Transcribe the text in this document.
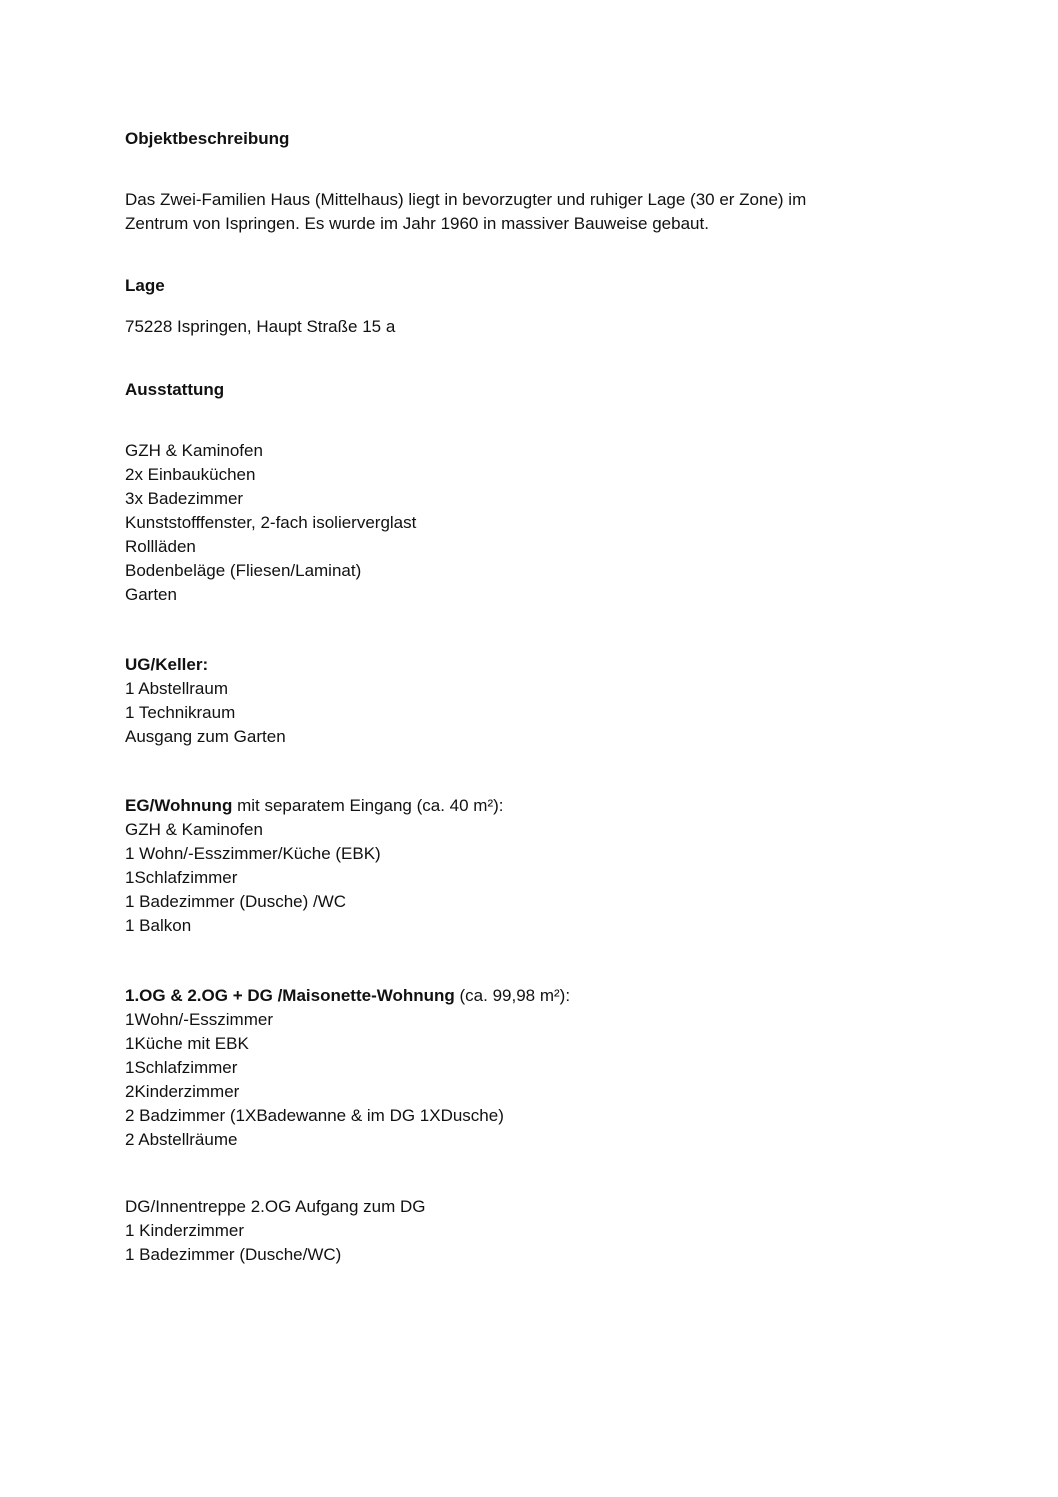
Objektbeschreibung
Das Zwei-Familien Haus (Mittelhaus) liegt in bevorzugter und ruhiger Lage (30 er Zone) im
Zentrum von Ispringen. Es wurde im Jahr 1960 in massiver Bauweise gebaut.
Lage
75228 Ispringen, Haupt Straße 15 a
Ausstattung
GZH & Kaminofen
2x Einbauküchen
3x Badezimmer
Kunststofffenster, 2-fach isolierverglast
Rollläden
Bodenbeläge (Fliesen/Laminat)
Garten
UG/Keller:
1 Abstellraum
1 Technikraum
Ausgang zum Garten
EG/Wohnung mit separatem Eingang (ca. 40 m²):
GZH & Kaminofen
1 Wohn/-Esszimmer/Küche (EBK)
1Schlafzimmer
1 Badezimmer (Dusche) /WC
1 Balkon
1.OG & 2.OG + DG /Maisonette-Wohnung (ca. 99,98 m²):
1Wohn/-Esszimmer
1Küche mit EBK
1Schlafzimmer
2Kinderzimmer
2 Badzimmer (1XBadewanne & im DG 1XDusche)
2 Abstellräume
DG/Innentreppe 2.OG Aufgang zum DG
1 Kinderzimmer
1 Badezimmer (Dusche/WC)
